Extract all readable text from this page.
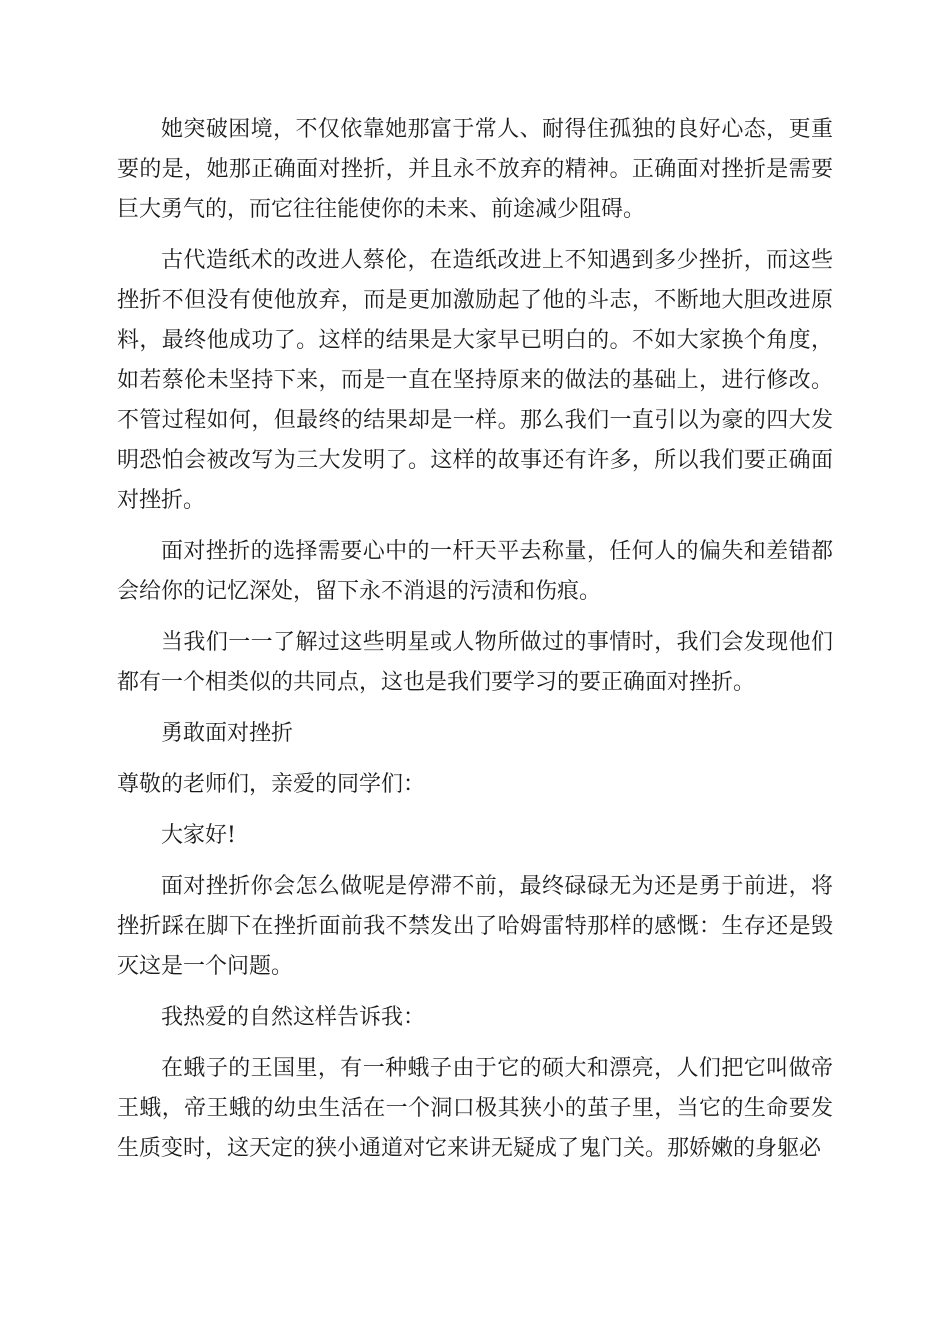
她突破困境，不仅依靠她那富于常人、耐得住孤独的良好心态，更重要的是，她那正确面对挫折，并且永不放弃的精神。正确面对挫折是需要巨大勇气的，而它往往能使你的未来、前途减少阻碍。

古代造纸术的改进人蔡伦，在造纸改进上不知遇到多少挫折，而这些挫折不但没有使他放弃，而是更加激励起了他的斗志，不断地大胆改进原料，最终他成功了。这样的结果是大家早已明白的。不如大家换个角度，如若蔡伦未坚持下来，而是一直在坚持原来的做法的基础上，进行修改。不管过程如何，但最终的结果却是一样。那么我们一直引以为豪的四大发明恐怕会被改写为三大发明了。这样的故事还有许多，所以我们要正确面对挫折。

面对挫折的选择需要心中的一杆天平去称量，任何人的偏失和差错都会给你的记忆深处，留下永不消退的污渍和伤痕。

当我们一一了解过这些明星或人物所做过的事情时，我们会发现他们都有一个相类似的共同点，这也是我们要学习的要正确面对挫折。

勇敢面对挫折

尊敬的老师们，亲爱的同学们：

大家好!

面对挫折你会怎么做呢是停滞不前，最终碌碌无为还是勇于前进，将挫折踩在脚下在挫折面前我不禁发出了哈姆雷特那样的感慨：生存还是毁灭这是一个问题。

我热爱的自然这样告诉我：

在蛾子的王国里，有一种蛾子由于它的硕大和漂亮，人们把它叫做帝王蛾，帝王蛾的幼虫生活在一个洞口极其狭小的茧子里，当它的生命要发生质变时，这天定的狭小通道对它来讲无疑成了鬼门关。那娇嫩的身躯必
